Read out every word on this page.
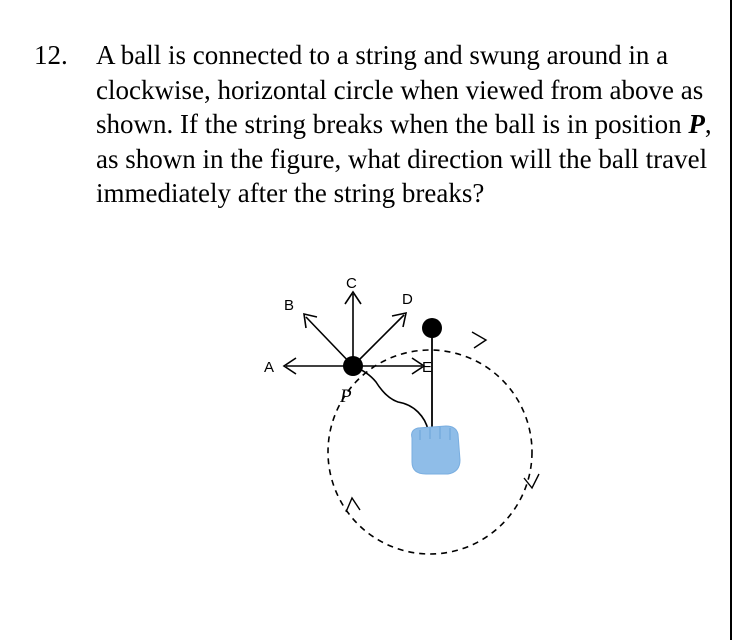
12. A ball is connected to a string and swung around in a clockwise, horizontal circle when viewed from above as shown. If the string breaks when the ball is in position P, as shown in the figure, what direction will the ball travel immediately after the string breaks?
A
B
C
D
E
P
